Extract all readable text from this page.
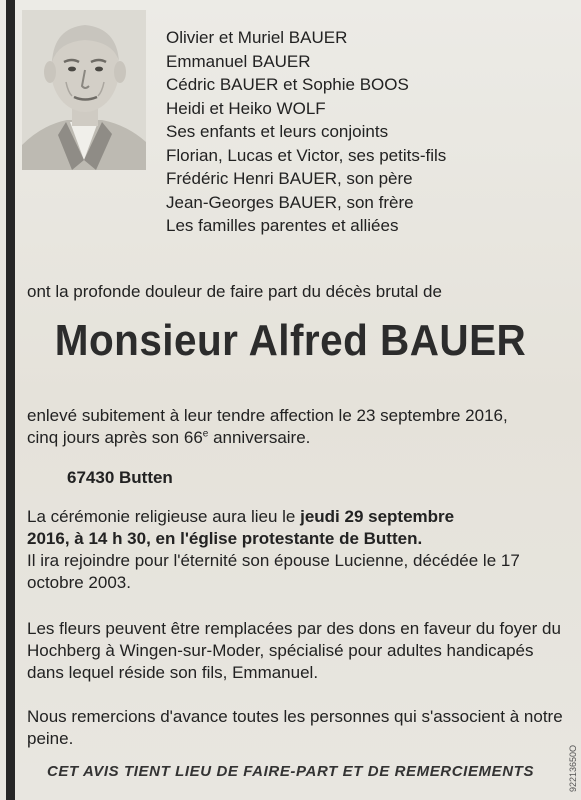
Olivier et Muriel BAUER
Emmanuel BAUER
Cédric BAUER et Sophie BOOS
Heidi et Heiko WOLF
Ses enfants et leurs conjoints
Florian, Lucas et Victor, ses petits-fils
Frédéric Henri BAUER, son père
Jean-Georges BAUER, son frère
Les familles parentes et alliées
ont la profonde douleur de faire part du décès brutal de
Monsieur Alfred BAUER
enlevé subitement à leur tendre affection le 23 septembre 2016,
cinq jours après son 66e anniversaire.
67430 Butten
La cérémonie religieuse aura lieu le jeudi 29 septembre
2016, à 14 h 30, en l'église protestante de Butten.
Il ira rejoindre pour l'éternité son épouse Lucienne, décédée le 17 octobre 2003.
Les fleurs peuvent être remplacées par des dons en faveur du foyer du Hochberg à Wingen-sur-Moder, spécialisé pour adultes handicapés dans lequel réside son fils, Emmanuel.
Nous remercions d'avance toutes les personnes qui s'associent à notre peine.
CET AVIS TIENT LIEU DE FAIRE-PART ET DE REMERCIEMENTS	92213650O
